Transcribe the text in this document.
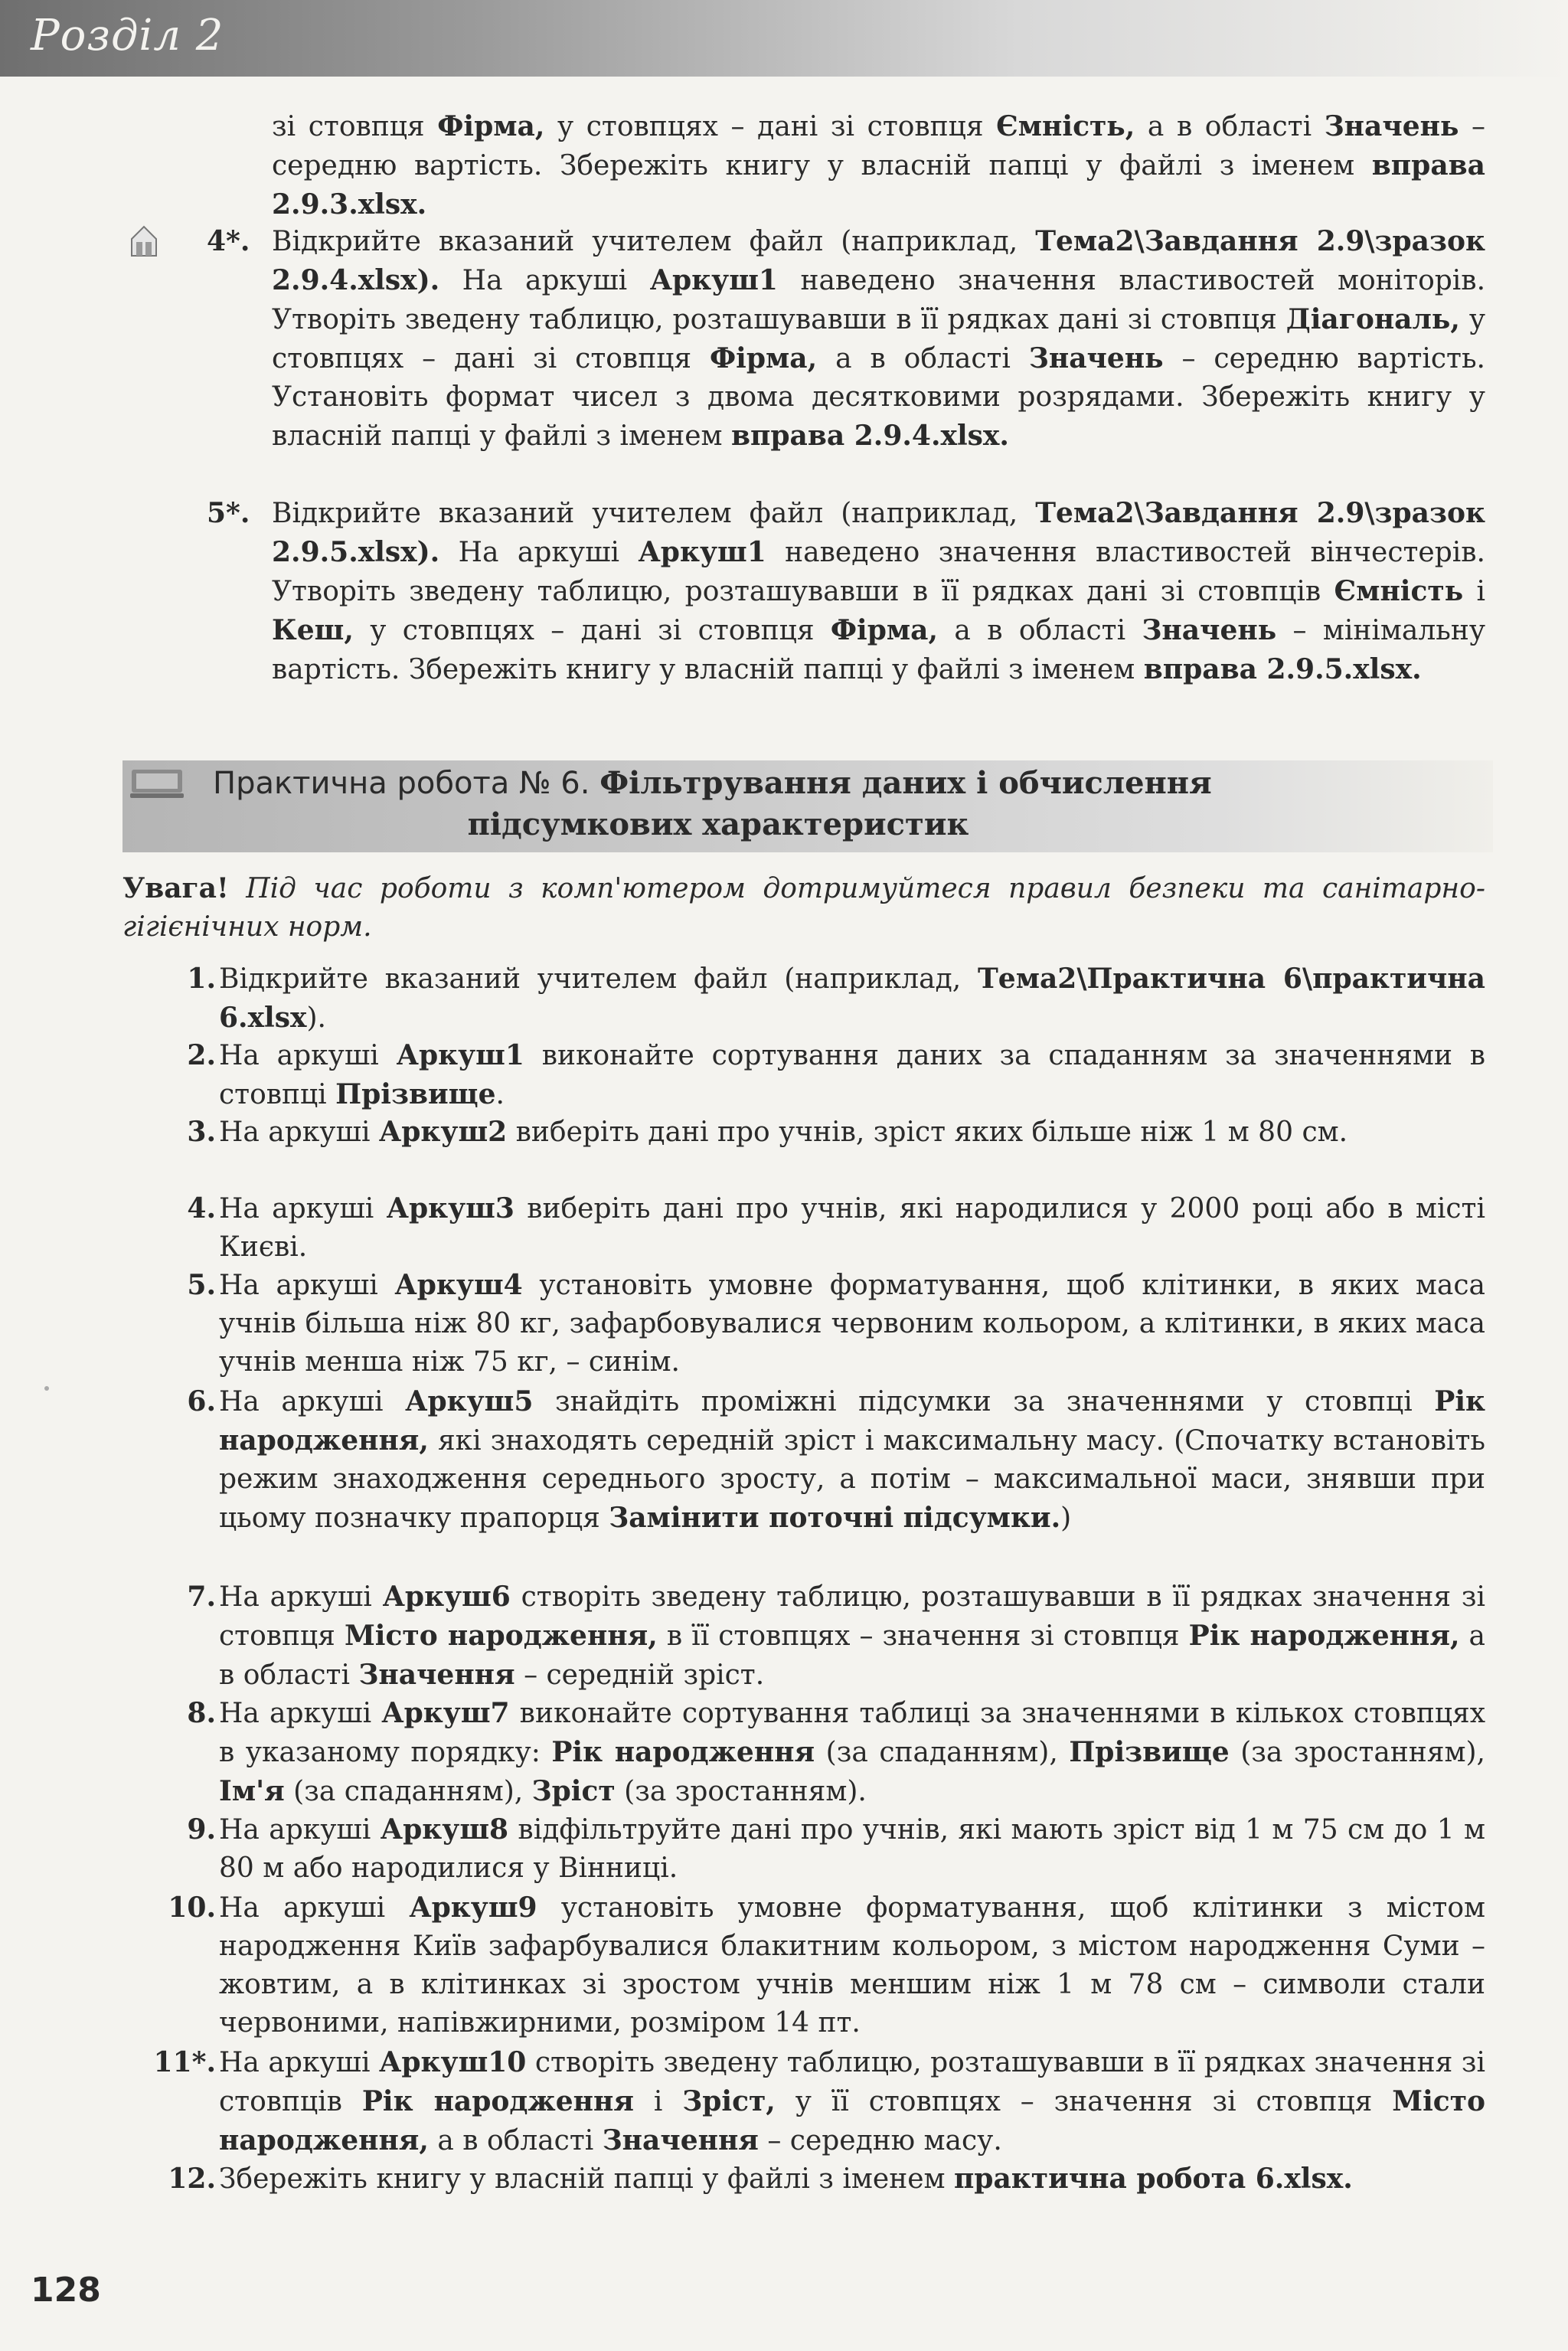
Розділ 2

зі стовпця Фірма, у стовпцях – дані зі стовпця Ємність, а в області Значень – середню вартість. Збережіть книгу у власній папці у файлі з іменем вправа 2.9.3.xlsx.

4*. Відкрийте вказаний учителем файл (наприклад, Тема2\Завдання 2.9\зразок 2.9.4.xlsx). На аркуші Аркуш1 наведено значення властивостей моніторів. Утворіть зведену таблицю, розташувавши в її рядках дані зі стовпця Діагональ, у стовпцях – дані зі стовпця Фірма, а в області Значень – середню вартість. Установіть формат чисел з двома десятковими розрядами. Збережіть книгу у власній папці у файлі з іменем вправа 2.9.4.xlsx.
5*. Відкрийте вказаний учителем файл (наприклад, Тема2\Завдання 2.9\зразок 2.9.5.xlsx). На аркуші Аркуш1 наведено значення властивостей вінчестерів. Утворіть зведену таблицю, розташувавши в її рядках дані зі стовпців Ємність і Кеш, у стовпцях – дані зі стовпця Фірма, а в області Значень – мінімальну вартість. Збережіть книгу у власній папці у файлі з іменем вправа 2.9.5.xlsx.
Практична робота № 6. Фільтрування даних і обчислення
підсумкових характеристик

Увага! Під час роботи з комп'ютером дотримуйтеся правил безпеки та санітарно-гігієнічних норм.

1. Відкрийте вказаний учителем файл (наприклад, Тема2\Практична 6\практична 6.xlsx).
2. На аркуші Аркуш1 виконайте сортування даних за спаданням за значеннями в стовпці Прізвище.
3. На аркуші Аркуш2 виберіть дані про учнів, зріст яких більше ніж 1 м 80 см.
4. На аркуші Аркуш3 виберіть дані про учнів, які народилися у 2000 році або в місті Києві.
5. На аркуші Аркуш4 установіть умовне форматування, щоб клітинки, в яких маса учнів більша ніж 80 кг, зафарбовувалися червоним кольором, а клітинки, в яких маса учнів менша ніж 75 кг, – синім.
6. На аркуші Аркуш5 знайдіть проміжні підсумки за значеннями у стовпці Рік народження, які знаходять середній зріст і максимальну масу. (Спочатку встановіть режим знаходження середнього зросту, а потім – максимальної маси, знявши при цьому позначку прапорця Замінити поточні підсумки.)
7. На аркуші Аркуш6 створіть зведену таблицю, розташувавши в її рядках значення зі стовпця Місто народження, в її стовпцях – значення зі стовпця Рік народження, а в області Значення – середній зріст.
8. На аркуші Аркуш7 виконайте сортування таблиці за значеннями в кількох стовпцях в указаному порядку: Рік народження (за спаданням), Прізвище (за зростанням), Ім'я (за спаданням), Зріст (за зростанням).
9. На аркуші Аркуш8 відфільтруйте дані про учнів, які мають зріст від 1 м 75 см до 1 м 80 м або народилися у Вінниці.
10. На аркуші Аркуш9 установіть умовне форматування, щоб клітинки з містом народження Київ зафарбувалися блакитним кольором, з містом народження Суми – жовтим, а в клітинках зі зростом учнів меншим ніж 1 м 78 см – символи стали червоними, напівжирними, розміром 14 пт.
11*. На аркуші Аркуш10 створіть зведену таблицю, розташувавши в її рядках значення зі стовпців Рік народження і Зріст, у її стовпцях – значення зі стовпця Місто народження, а в області Значення – середню масу.
12. Збережіть книгу у власній папці у файлі з іменем практична робота 6.xlsx.
128
